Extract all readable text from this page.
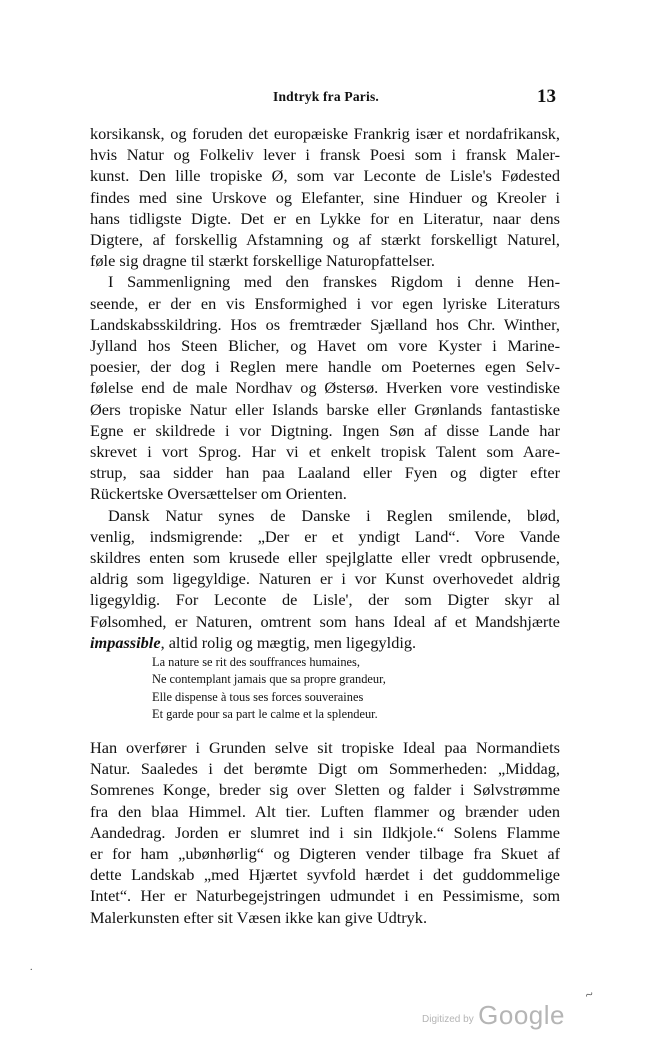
Indtryk fra Paris.	13
korsikansk, og foruden det europæiske Frankrig især et nordafrikansk,
hvis Natur og Folkeliv lever i fransk Poesi som i fransk Maler-
kunst. Den lille tropiske Ø, som var Leconte de Lisle's Fødested
findes med sine Urskove og Elefanter, sine Hinduer og Kreoler i
hans tidligste Digte. Det er en Lykke for en Literatur, naar dens
Digtere, af forskellig Afstamning og af stærkt forskelligt Naturel,
føle sig dragne til stærkt forskellige Naturopfattelser.
I Sammenligning med den franskes Rigdom i denne Hen-
seende, er der en vis Ensformighed i vor egen lyriske Literaturs
Landskabsskildring. Hos os fremtræder Sjælland hos Chr. Winther,
Jylland hos Steen Blicher, og Havet om vore Kyster i Marine-
poesier, der dog i Reglen mere handle om Poeternes egen Selv-
følelse end de male Nordhav og Østersø. Hverken vore vestindiske
Øers tropiske Natur eller Islands barske eller Grønlands fantastiske
Egne er skildrede i vor Digtning. Ingen Søn af disse Lande har
skrevet i vort Sprog. Har vi et enkelt tropisk Talent som Aare-
strup, saa sidder han paa Laaland eller Fyen og digter efter
Rückertske Oversættelser om Orienten.
Dansk Natur synes de Danske i Reglen smilende, blød,
venlig, indsmigrende: „Der er et yndigt Land“. Vore Vande
skildres enten som krusede eller spejlglatte eller vredt opbrusende,
aldrig som ligegyldige. Naturen er i vor Kunst overhovedet aldrig
ligegyldig. For Leconte de Lisle', der som Digter skyr al
Følsomhed, er Naturen, omtrent som hans Ideal af et Mandshjærte
impassible, altid rolig og mægtig, men ligegyldig.
La nature se rit des souffrances humaines,
Ne contemplant jamais que sa propre grandeur,
Elle dispense à tous ses forces souveraines
Et garde pour sa part le calme et la splendeur.
Han overfører i Grunden selve sit tropiske Ideal paa Normandiets
Natur. Saaledes i det berømte Digt om Sommerheden: „Middag,
Somrenes Konge, breder sig over Sletten og falder i Sølvstrømme
fra den blaa Himmel. Alt tier. Luften flammer og brænder uden
Aandedrag. Jorden er slumret ind i sin Ildkjole.“ Solens Flamme
er for ham „ubønhørlig“ og Digteren vender tilbage fra Skuet af
dette Landskab „med Hjærtet syvfold hærdet i det guddommelige
Intet“. Her er Naturbegejstringen udmundet i en Pessimisme, som
Malerkunsten efter sit Væsen ikke kan give Udtryk.
.
~
Digitized by Google
